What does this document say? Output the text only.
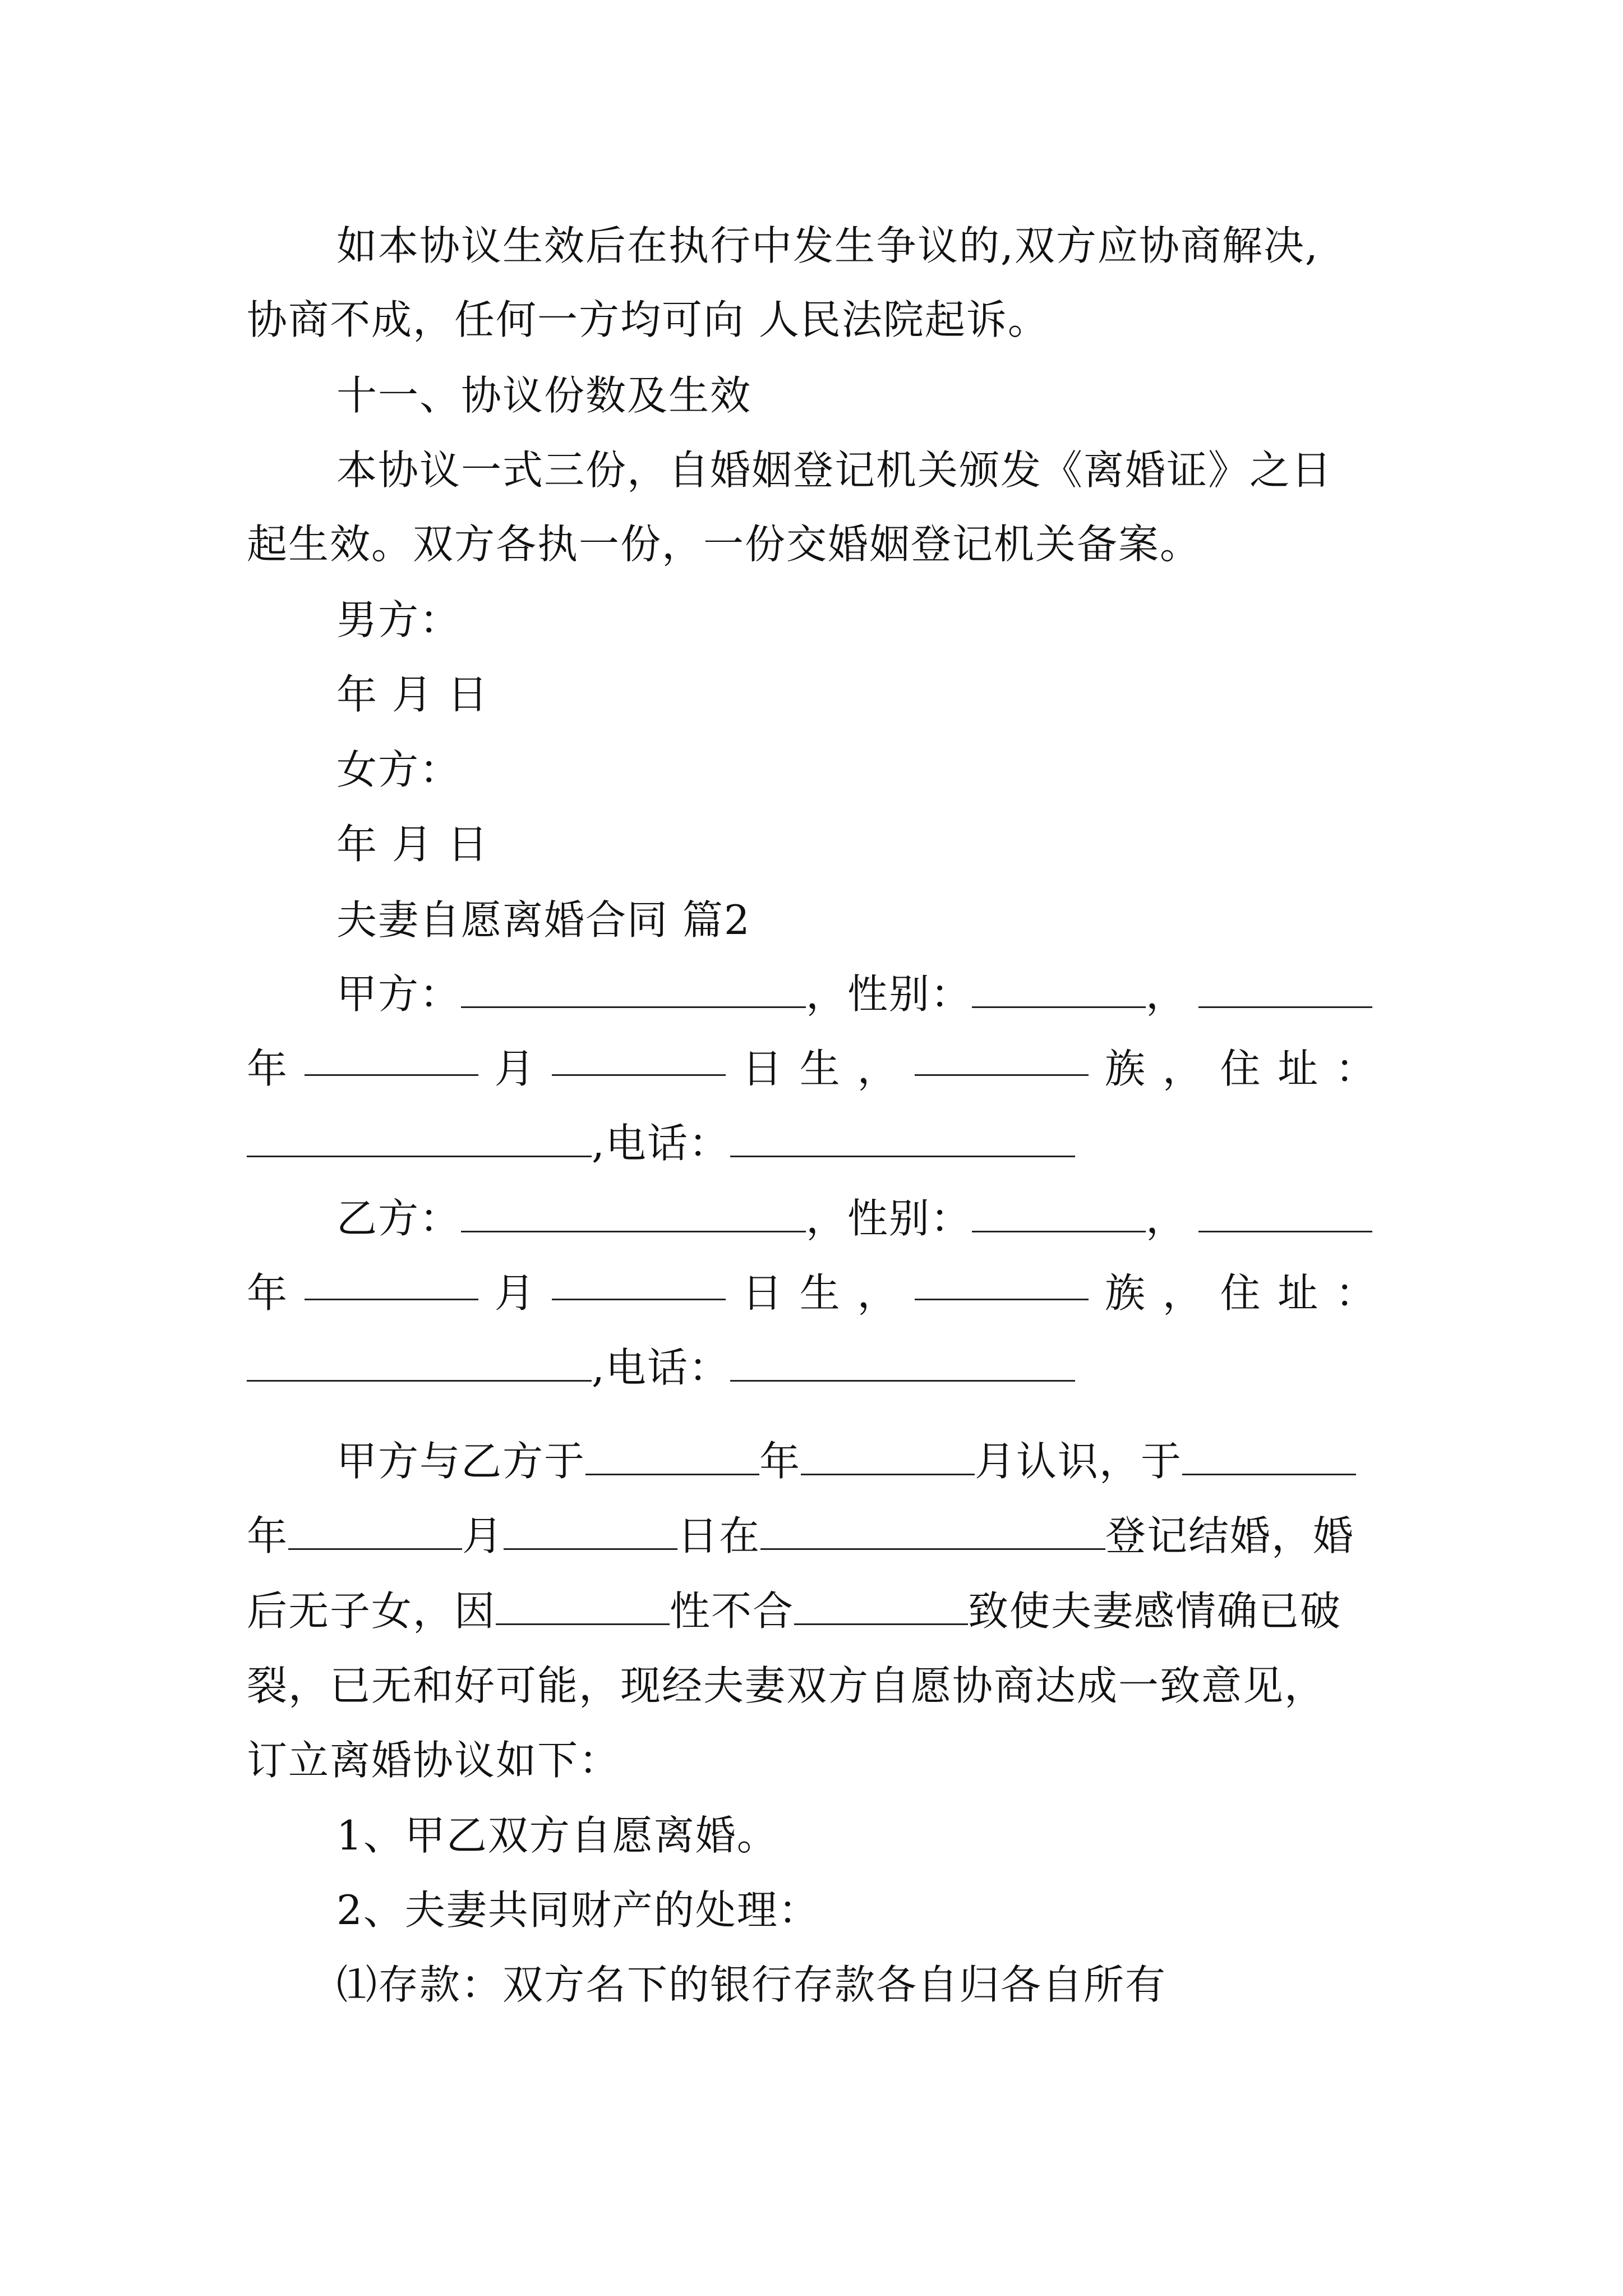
如本协议生效后在执行中发生争议的,双方应协商解决,
协商不成，任何一方均可向 人民法院起诉。
十一、协议份数及生效
本协议一式三份，自婚姻登记机关颁发《离婚证》之日
起生效。双方各执一份，一份交婚姻登记机关备案。
男方：
年 月 日
女方：
年 月 日
夫妻自愿离婚合同 篇2
甲方：	，性别：	，
年	月	日 生 ，	族 ， 住 址 ：
,电话：
乙方：	，性别：	，
年	月	日 生 ，	族 ， 住 址 ：
,电话：
甲方与乙方于	年	月认识，于
年	月	日在	登记结婚，婚
后无子女，因	性不合	致使夫妻感情确已破
裂，已无和好可能，现经夫妻双方自愿协商达成一致意见，
订立离婚协议如下：
1、甲乙双方自愿离婚。
2、夫妻共同财产的处理：
⑴存款：双方名下的银行存款各自归各自所有
